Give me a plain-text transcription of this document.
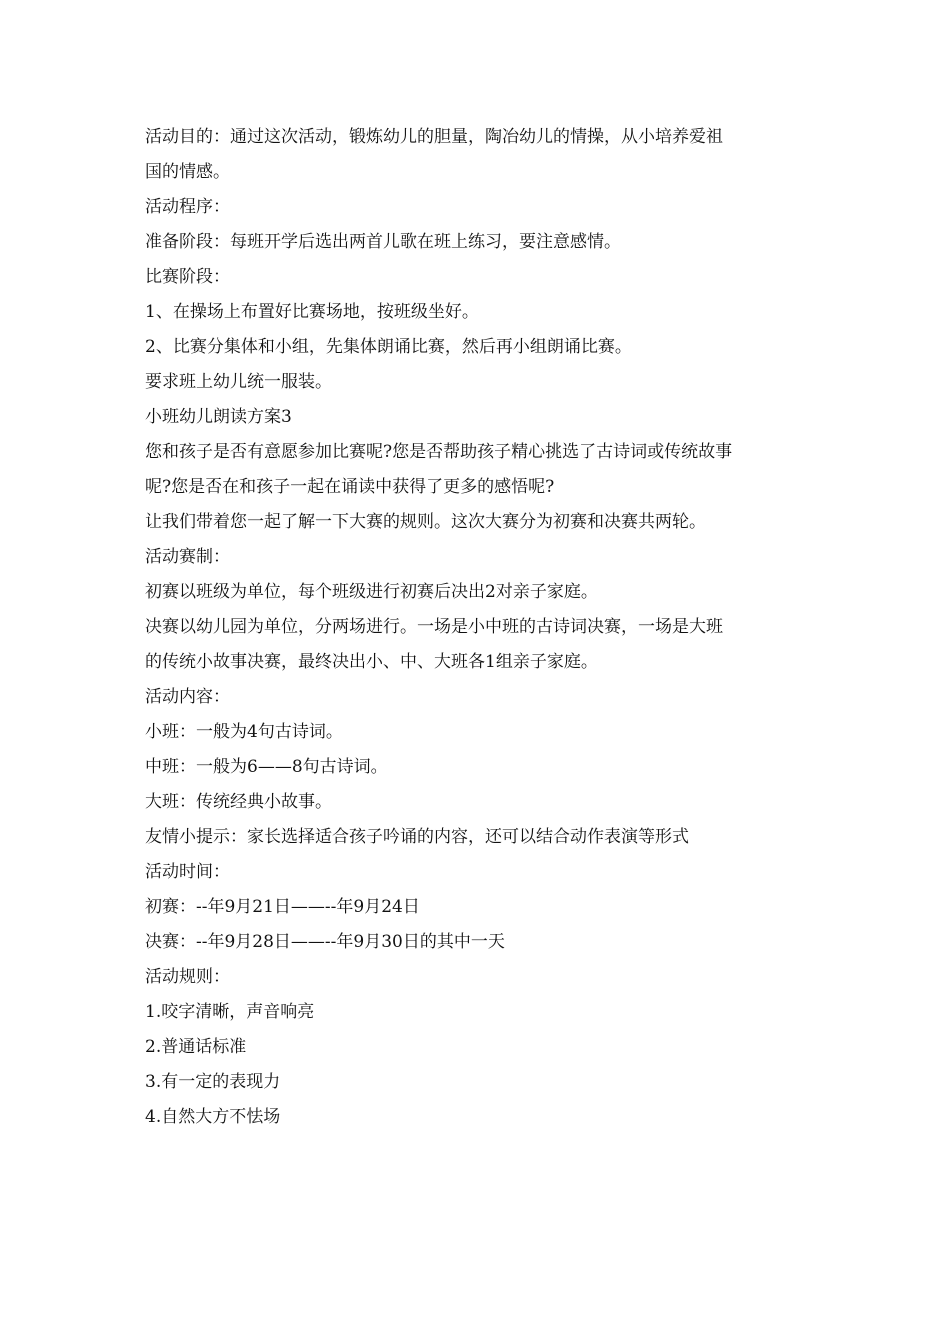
活动目的：通过这次活动，锻炼幼儿的胆量，陶冶幼儿的情操，从小培养爱祖
国的情感。
活动程序：
准备阶段：每班开学后选出两首儿歌在班上练习，要注意感情。
比赛阶段：
1、在操场上布置好比赛场地，按班级坐好。
2、比赛分集体和小组，先集体朗诵比赛，然后再小组朗诵比赛。
要求班上幼儿统一服装。
小班幼儿朗读方案3
您和孩子是否有意愿参加比赛呢?您是否帮助孩子精心挑选了古诗词或传统故事
呢?您是否在和孩子一起在诵读中获得了更多的感悟呢?
让我们带着您一起了解一下大赛的规则。这次大赛分为初赛和决赛共两轮。
活动赛制：
初赛以班级为单位，每个班级进行初赛后决出2对亲子家庭。
决赛以幼儿园为单位，分两场进行。一场是小中班的古诗词决赛，一场是大班
的传统小故事决赛，最终决出小、中、大班各1组亲子家庭。
活动内容：
小班：一般为4句古诗词。
中班：一般为6——8句古诗词。
大班：传统经典小故事。
友情小提示：家长选择适合孩子吟诵的内容，还可以结合动作表演等形式
活动时间：
初赛：--年9月21日——--年9月24日
决赛：--年9月28日——--年9月30日的其中一天
活动规则：
1.咬字清晰，声音响亮
2.普通话标准
3.有一定的表现力
4.自然大方不怯场
